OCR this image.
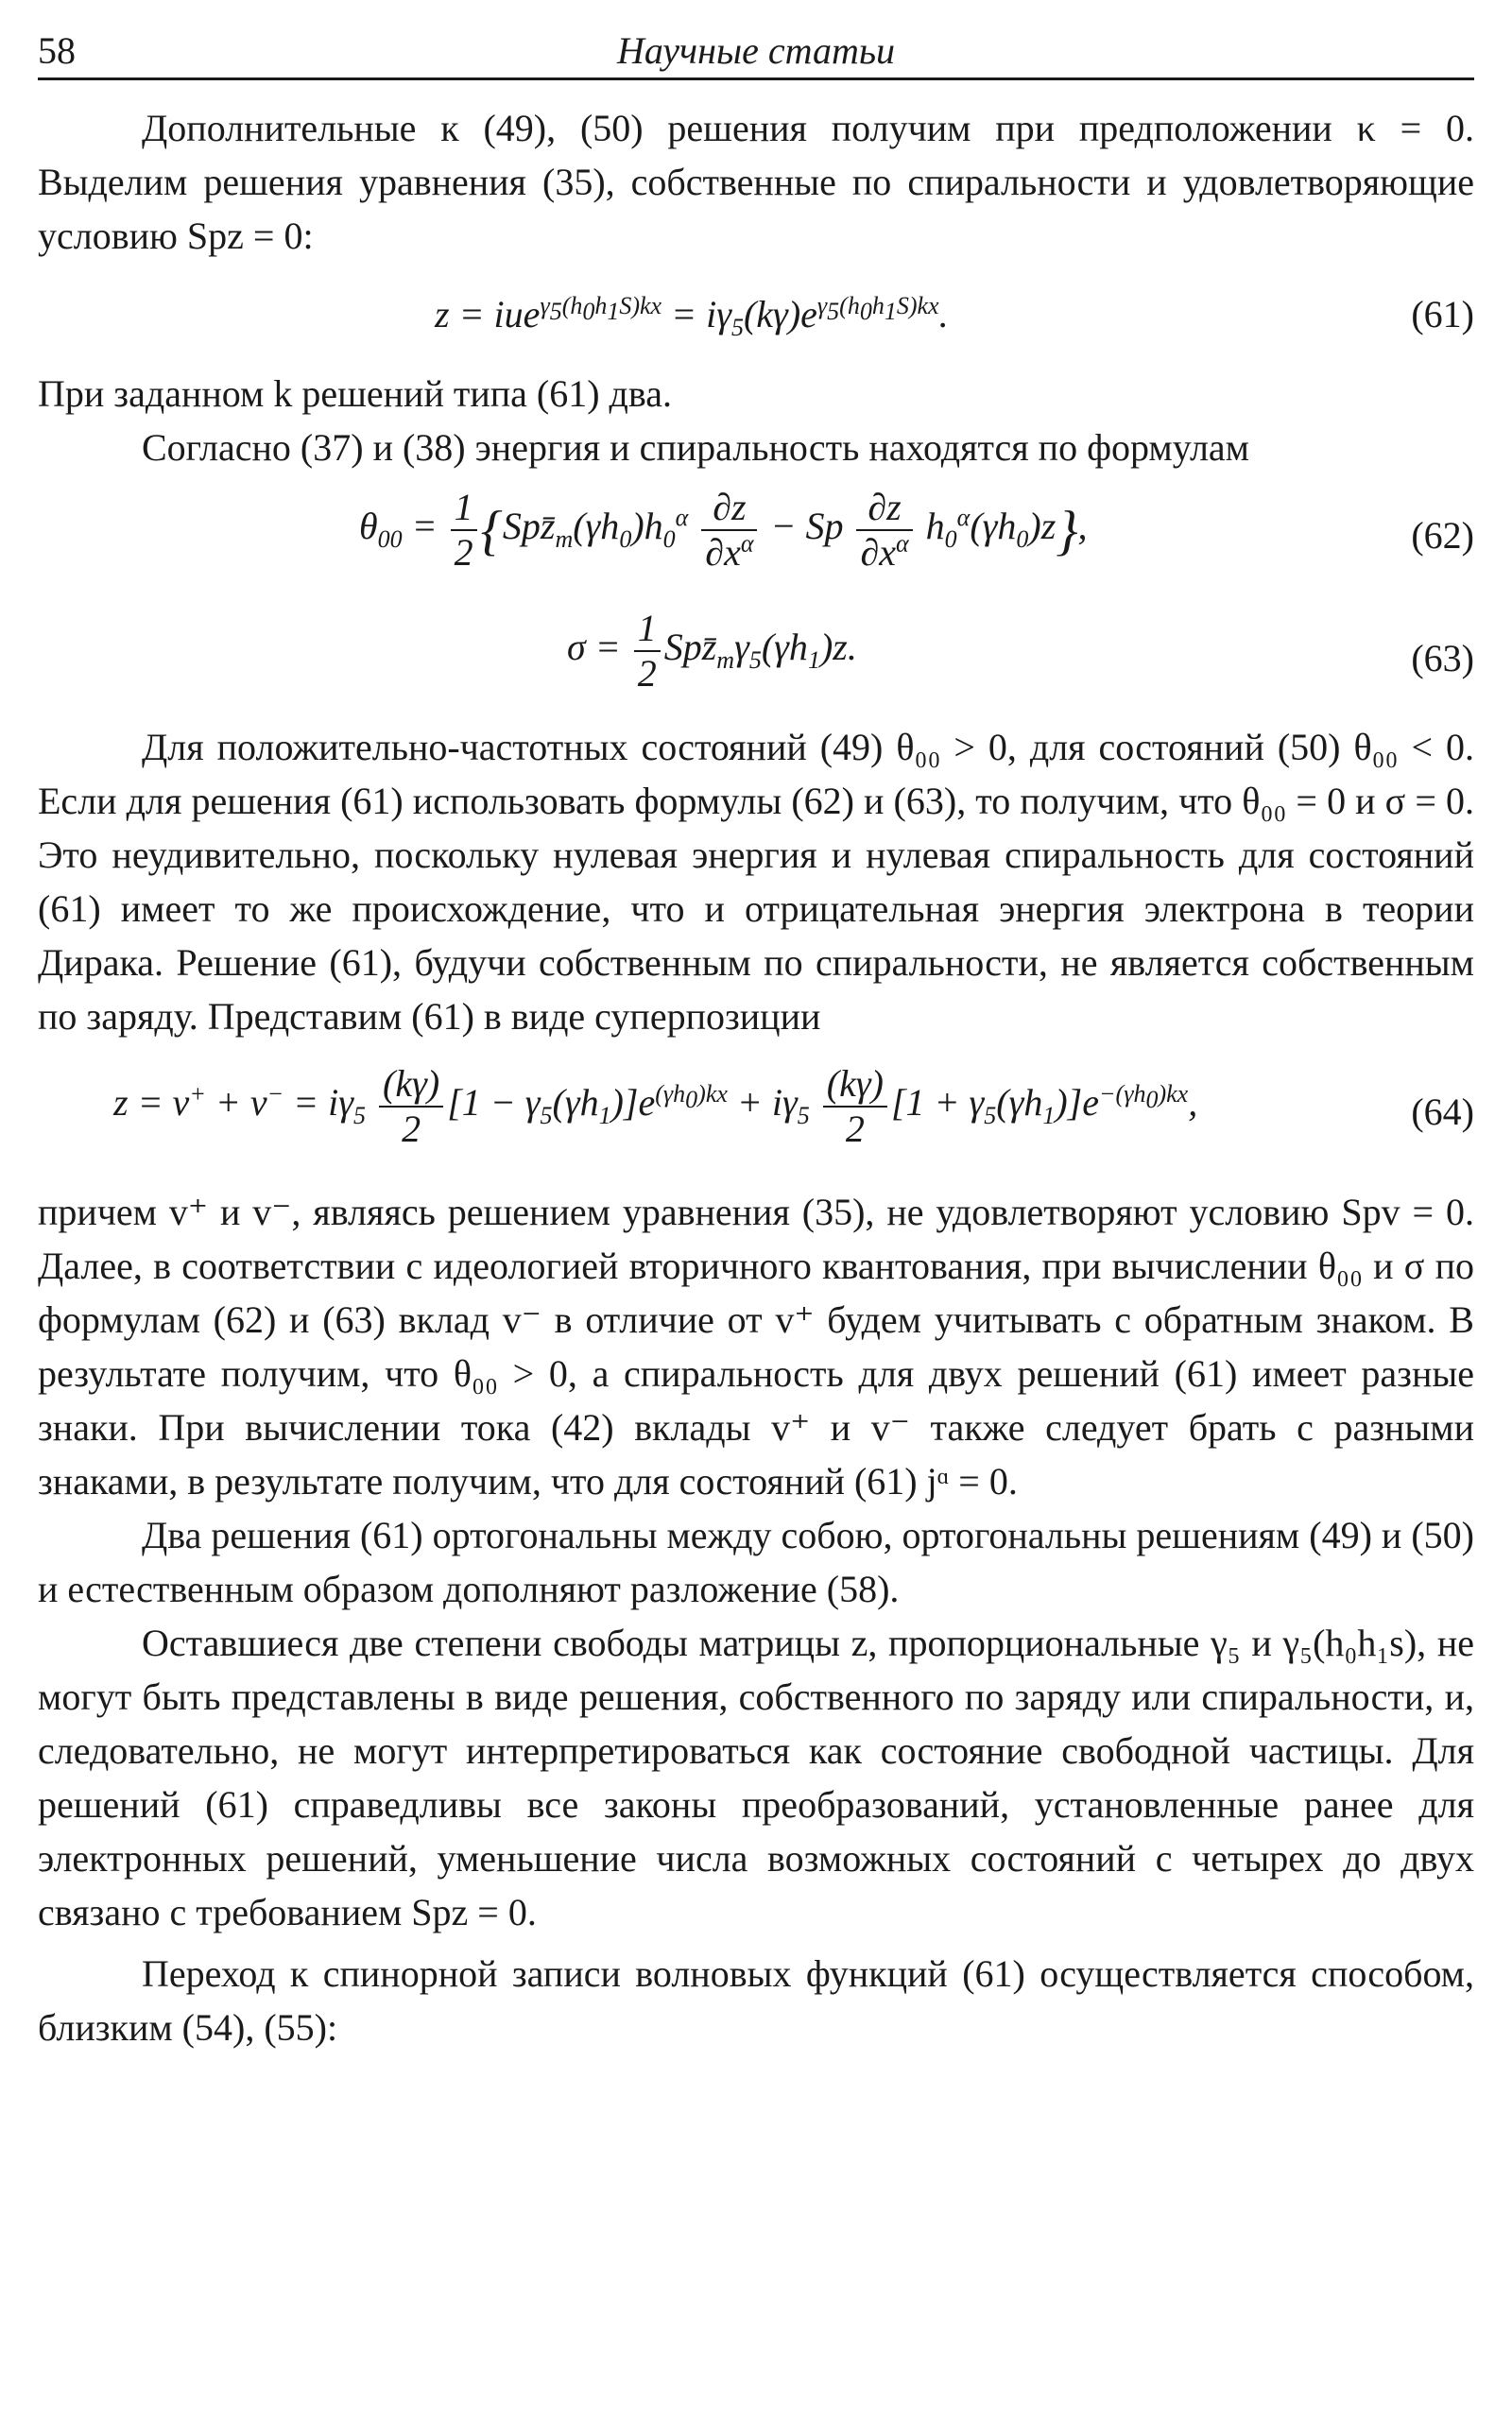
58	Научные статьи

Дополнительные к (49), (50) решения получим при предположении κ = 0. Выделим решения уравнения (35), собственные по спиральности и удовлетворяющие условию Spz = 0:

$z = iue^{\gamma_5(h_0h_1S)kx} = i\gamma_5(k\gamma)e^{\gamma_5(h_0h_1S)kx}$.	(61)

При заданном k решений типа (61) два.

Согласно (37) и (38) энергия и спиральность находятся по формулам

$\theta_{00} = \frac{1}{2}$ $\{Spz̄_m(\gamma h_0)h_0^\alpha \frac{\partial z}{\partial x^\alpha} - Sp \frac{\partial z}{\partial x^\alpha} h_0^\alpha(\gamma h_0)z\}$,	(62)
$\sigma = \frac{1}{2}$ $Spz̄_m\gamma_5(\gamma h_1)z$.	(63)

Для положительно-частотных состояний (49) θ₀₀ > 0, для состояний (50) θ₀₀ < 0. Если для решения (61) использовать формулы (62) и (63), то получим, что θ₀₀ = 0 и σ = 0. Это неудивительно, поскольку нулевая энергия и нулевая спиральность для состояний (61) имеет то же происхождение, что и отрицательная энергия электрона в теории Дирака. Решение (61), будучи собственным по спиральности, не является собственным по заряду. Представим (61) в виде суперпозиции

$z = v^+ + v^- = i\gamma_5 \frac{(k\gamma)}{2} [1 - \gamma_5(\gamma h_1)]e^{(\gamma h_0)kx} + i\gamma_5 \frac{(k\gamma)}{2} [1 + \gamma_5(\gamma h_1)]e^{-(\gamma h_0)kx}$,	(64)

причем v⁺ и v⁻, являясь решением уравнения (35), не удовлетворяют условию Spv = 0. Далее, в соответствии с идеологией вторичного квантования, при вычислении θ₀₀ и σ по формулам (62) и (63) вклад v⁻ в отличие от v⁺ будем учитывать с обратным знаком. В результате получим, что θ₀₀ > 0, а спиральность для двух решений (61) имеет разные знаки. При вычислении тока (42) вклады v⁺ и v⁻ также следует брать с разными знаками, в результате получим, что для состояний (61) jᵅ = 0.

Два решения (61) ортогональны между собою, ортогональны решениям (49) и (50) и естественным образом дополняют разложение (58).

Оставшиеся две степени свободы матрицы z, пропорциональные γ₅ и γ₅(h₀h₁s), не могут быть представлены в виде решения, собственного по заряду или спиральности, и, следовательно, не могут интерпретироваться как состояние свободной частицы. Для решений (61) справедливы все законы преобразований, установленные ранее для электронных решений, уменьшение числа возможных состояний с четырех до двух связано с требованием Spz = 0.

Переход к спинорной записи волновых функций (61) осуществляется способом, близким (54), (55):
